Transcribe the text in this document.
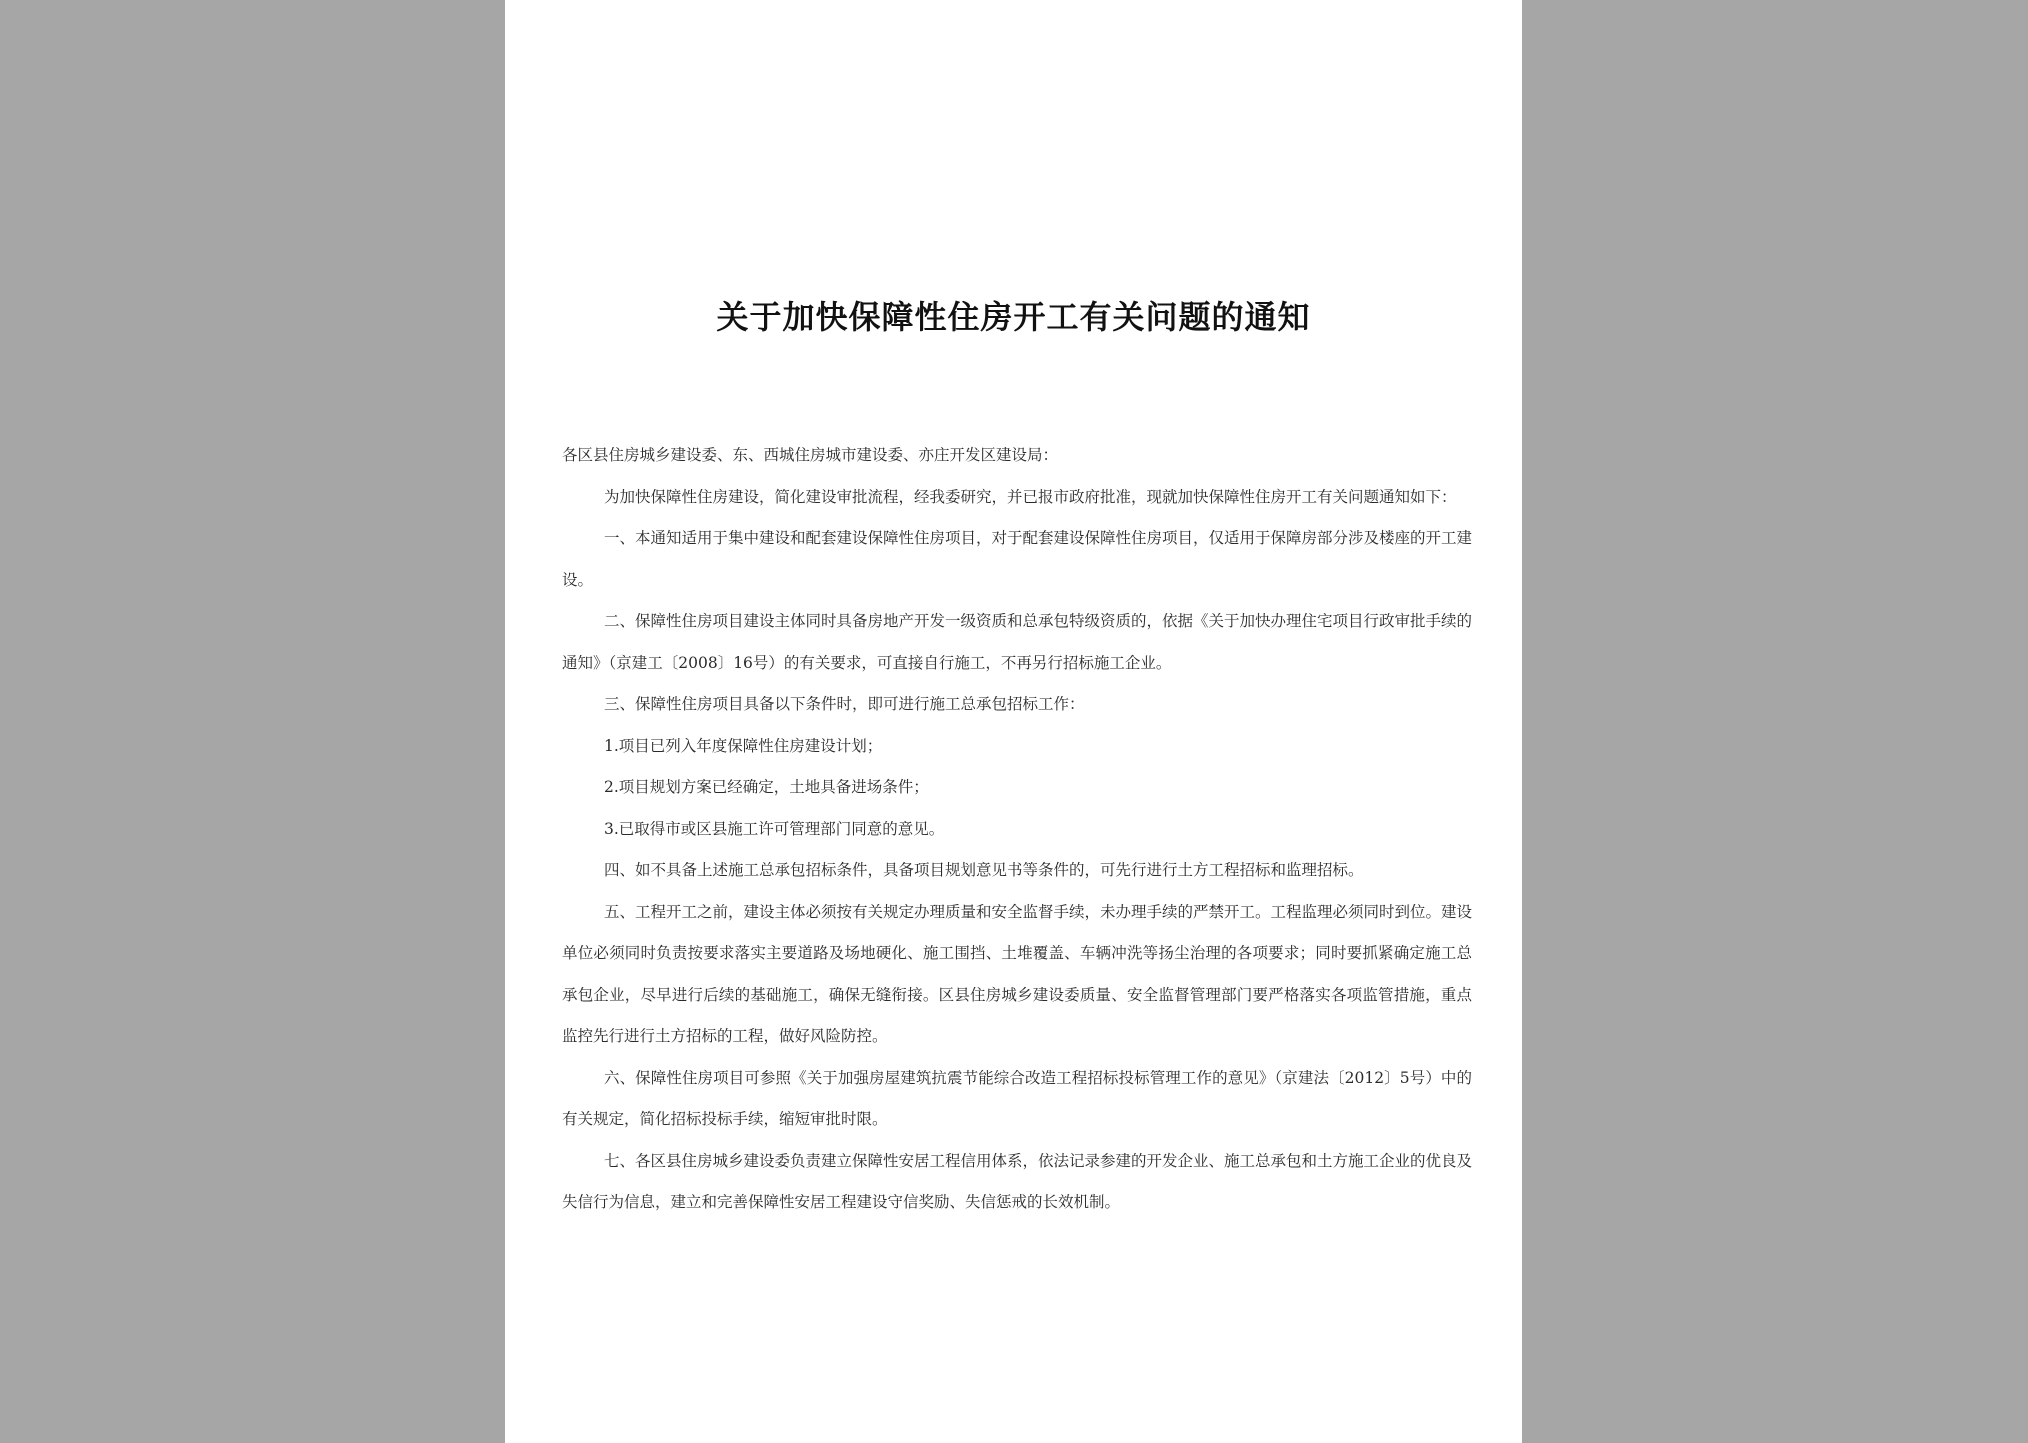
关于加快保障性住房开工有关问题的通知

各区县住房城乡建设委、东、西城住房城市建设委、亦庄开发区建设局：

为加快保障性住房建设，简化建设审批流程，经我委研究，并已报市政府批准，现就加快保障性住房开工有关问题通知如下：

一、本通知适用于集中建设和配套建设保障性住房项目，对于配套建设保障性住房项目，仅适用于保障房部分涉及楼座的开工建设。

二、保障性住房项目建设主体同时具备房地产开发一级资质和总承包特级资质的，依据《关于加快办理住宅项目行政审批手续的通知》（京建工〔2008〕16号）的有关要求，可直接自行施工，不再另行招标施工企业。

三、保障性住房项目具备以下条件时，即可进行施工总承包招标工作：

1.项目已列入年度保障性住房建设计划；

2.项目规划方案已经确定，土地具备进场条件；

3.已取得市或区县施工许可管理部门同意的意见。

四、如不具备上述施工总承包招标条件，具备项目规划意见书等条件的，可先行进行土方工程招标和监理招标。

五、工程开工之前，建设主体必须按有关规定办理质量和安全监督手续，未办理手续的严禁开工。工程监理必须同时到位。建设单位必须同时负责按要求落实主要道路及场地硬化、施工围挡、土堆覆盖、车辆冲洗等扬尘治理的各项要求；同时要抓紧确定施工总承包企业，尽早进行后续的基础施工，确保无缝衔接。区县住房城乡建设委质量、安全监督管理部门要严格落实各项监管措施，重点监控先行进行土方招标的工程，做好风险防控。

六、保障性住房项目可参照《关于加强房屋建筑抗震节能综合改造工程招标投标管理工作的意见》（京建法〔2012〕5号）中的有关规定，简化招标投标手续，缩短审批时限。

七、各区县住房城乡建设委负责建立保障性安居工程信用体系，依法记录参建的开发企业、施工总承包和土方施工企业的优良及失信行为信息，建立和完善保障性安居工程建设守信奖励、失信惩戒的长效机制。
